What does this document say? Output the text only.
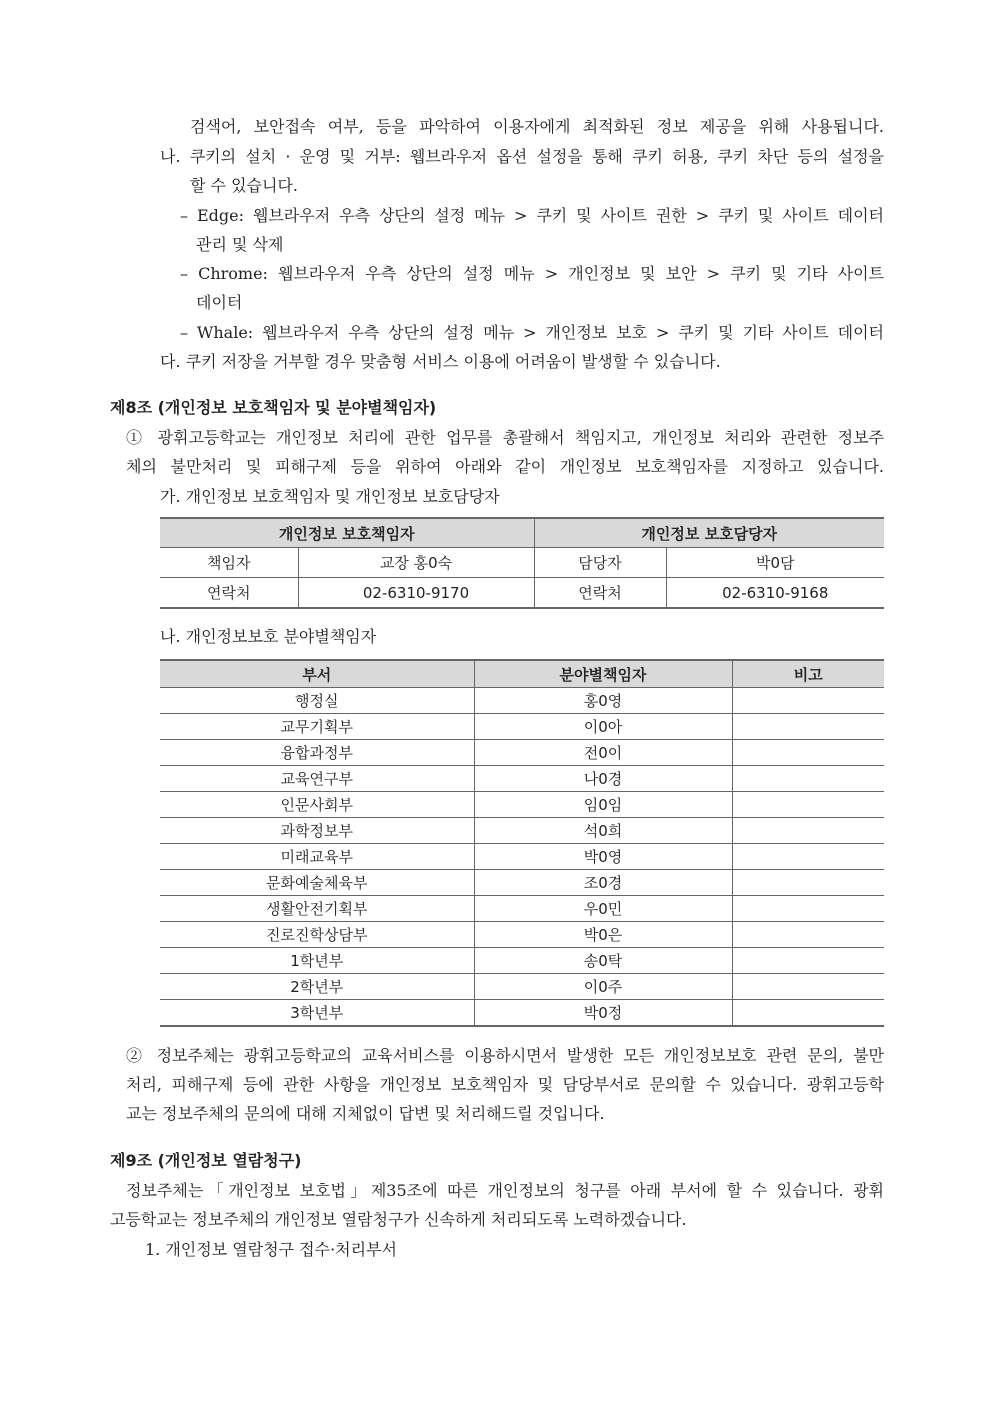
검색어, 보안접속 여부, 등을 파악하여 이용자에게 최적화된 정보 제공을 위해 사용됩니다.
나. 쿠키의 설치 · 운영 및 거부: 웹브라우저 옵션 설정을 통해 쿠키 허용, 쿠키 차단 등의 설정을
할 수 있습니다.
– Edge: 웹브라우저 우측 상단의 설정 메뉴 > 쿠키 및 사이트 권한 > 쿠키 및 사이트 데이터
관리 및 삭제
– Chrome: 웹브라우저 우측 상단의 설정 메뉴 > 개인정보 및 보안 > 쿠키 및 기타 사이트
데이터
– Whale: 웹브라우저 우측 상단의 설정 메뉴 > 개인정보 보호 > 쿠키 및 기타 사이트 데이터
다. 쿠키 저장을 거부할 경우 맞춤형 서비스 이용에 어려움이 발생할 수 있습니다.
제8조 (개인정보 보호책임자 및 분야별책임자)
① 광휘고등학교는 개인정보 처리에 관한 업무를 총괄해서 책임지고, 개인정보 처리와 관련한 정보주
체의 불만처리 및 피해구제 등을 위하여 아래와 같이 개인정보 보호책임자를 지정하고 있습니다.
가. 개인정보 보호책임자 및 개인정보 보호담당자
개인정보 보호책임자		개인정보 보호담당자	
책임자	교장 홍0숙	담당자	박0담
연락처	02-6310-9170	연락처	02-6310-9168
나. 개인정보보호 분야별책임자
부서	분야별책임자	비고
행정실	홍0영	
교무기획부	이0아	
융합과정부	전0이	
교육연구부	나0경	
인문사회부	임0임	
과학정보부	석0희	
미래교육부	박0영	
문화예술체육부	조0경	
생활안전기획부	우0민	
진로진학상담부	박0은	
1학년부	송0탁	
2학년부	이0주	
3학년부	박0정	
② 정보주체는 광휘고등학교의 교육서비스를 이용하시면서 발생한 모든 개인정보보호 관련 문의, 불만
처리, 피해구제 등에 관한 사항을 개인정보 보호책임자 및 담당부서로 문의할 수 있습니다. 광휘고등학
교는 정보주체의 문의에 대해 지체없이 답변 및 처리해드릴 것입니다.
제9조 (개인정보 열람청구)
정보주체는「개인정보 보호법」제35조에 따른 개인정보의 청구를 아래 부서에 할 수 있습니다. 광휘
고등학교는 정보주체의 개인정보 열람청구가 신속하게 처리되도록 노력하겠습니다.
1. 개인정보 열람청구 접수·처리부서
